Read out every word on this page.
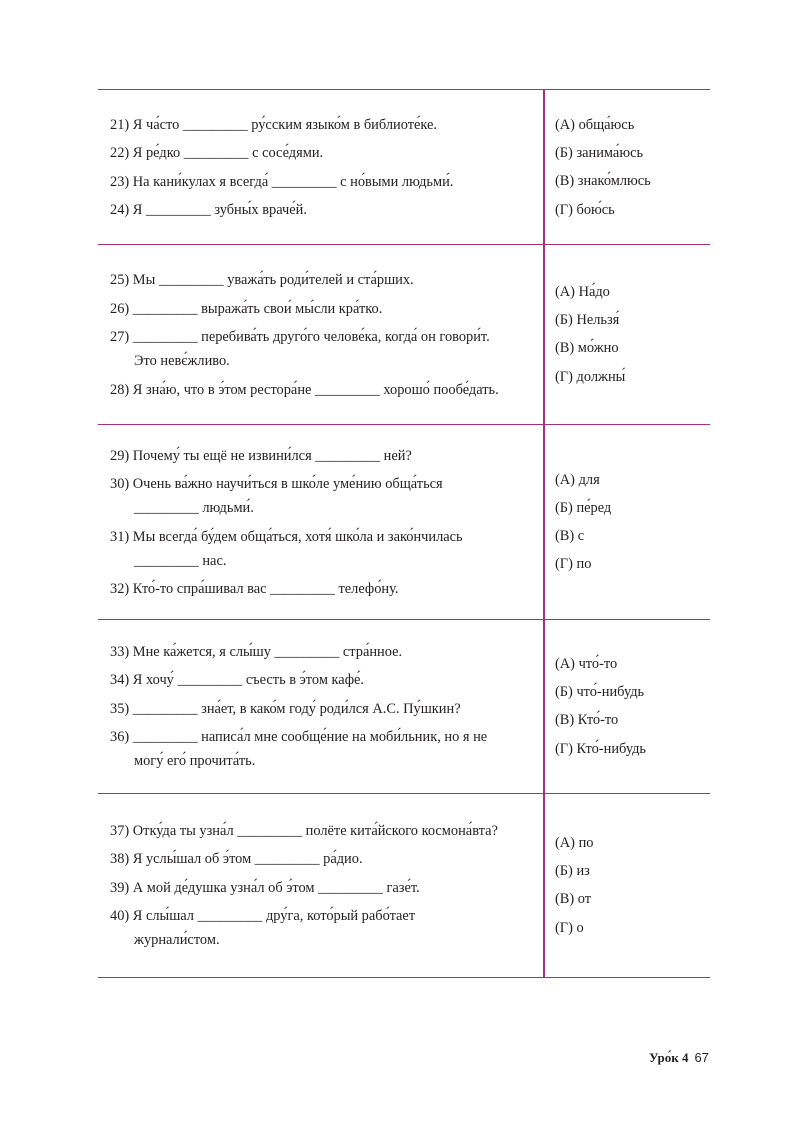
21) Я ча́сто _________ ру́сским языко́м в библиоте́ке.
22) Я ре́дко _________ с сосе́дями.
23) На кани́кулах я всегда́ _________ с но́выми людьми́.
24) Я _________ зубны́х враче́й.
(А) обща́юсь
(Б) занима́юсь
(В) знако́млюсь
(Г) бою́сь
25) Мы _________ уважа́ть роди́телей и ста́рших.
26) _________ выража́ть свои́ мы́сли кра́тко.
27) _________ перебива́ть друго́го челове́ка, когда́ он говори́т.
Это невє́жливо.
28) Я зна́ю, что в э́том рестора́не _________ хорошо́ пообе́дать.
(А) На́до
(Б) Нельзя́
(В) мо́жно
(Г) должны́
29) Почему́ ты ещё не извини́лся _________ ней?
30) Очень ва́жно научи́ться в шко́ле уме́нию обща́ться
_________ людьми́.
31) Мы всегда́ бу́дем обща́ться, хотя́ шко́ла и зако́нчилась
_________ нас.
32) Кто́-то спра́шивал вас _________ телефо́ну.
(А) для
(Б) пе́ред
(В) с
(Г) по
33) Мне ка́жется, я слы́шу _________ стра́нное.
34) Я хочу́ _________ съесть в э́том кафе́.
35) _________ зна́ет, в како́м году́ роди́лся А.С. Пу́шкин?
36) _________ написа́л мне сообще́ние на моби́льник, но я не
могу́ его́ прочита́ть.
(А) что́-то
(Б) что́-нибудь
(В) Кто́-то
(Г) Кто́-нибудь
37) Отку́да ты узна́л _________ полёте кита́йского космона́вта?
38) Я услы́шал об э́том _________ ра́дио.
39) А мой де́душка узна́л об э́том _________ газе́т.
40) Я слы́шал _________ дру́га, кото́рый рабо́тает
журнали́стом.
(А) по
(Б) из
(В) от
(Г) о
Уро́к 4 67
